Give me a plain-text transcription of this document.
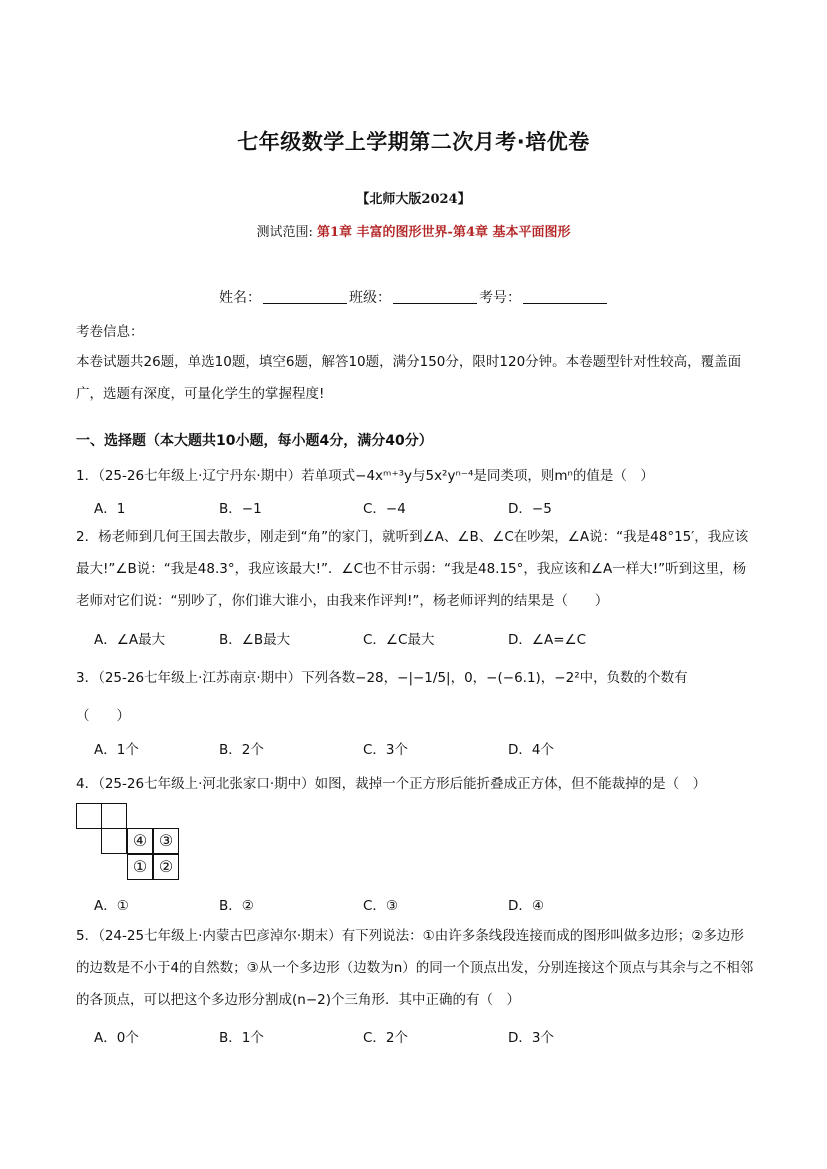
七年级数学上学期第二次月考·培优卷
【北师大版2024】
测试范围: 第1章 丰富的图形世界-第4章 基本平面图形
姓名：	班级：	考号：
考卷信息：
本卷试题共26题，单选10题，填空6题，解答10题，满分150分，限时120分钟。本卷题型针对性较高，覆盖面广，选题有深度，可量化学生的掌握程度!
一、选择题（本大题共10小题，每小题4分，满分40分）
1．（25-26七年级上·辽宁丹东·期中）若单项式−4xᵐ⁺³y与5x²yⁿ⁻⁴是同类项，则mⁿ的值是（　）
A．1	B．−1	C．−4	D．−5
2．杨老师到几何王国去散步，刚走到“角”的家门，就听到∠A、∠B、∠C在吵架，∠A说：“我是48°15′，我应该最大!”∠B说：“我是48.3°，我应该最大!”．∠C也不甘示弱：“我是48.15°，我应该和∠A一样大!”听到这里，杨老师对它们说：“别吵了，你们谁大谁小，由我来作评判!”，杨老师评判的结果是（　　）
A．∠A最大	B．∠B最大	C．∠C最大	D．∠A=∠C
3．（25-26七年级上·江苏南京·期中）下列各数−28，−|−1/5|，0，−(−6.1)，−2²中，负数的个数有
（　　）
A．1个	B．2个	C．3个	D．4个
4．（25-26七年级上·河北张家口·期中）如图，裁掉一个正方形后能折叠成正方体，但不能裁掉的是（　）
④ ③
① ②
A．①	B．②	C．③	D．④
5．（24-25七年级上·内蒙古巴彦淖尔·期末）有下列说法：①由许多条线段连接而成的图形叫做多边形；②多边形的边数是不小于4的自然数；③从一个多边形（边数为n）的同一个顶点出发，分别连接这个顶点与其余与之不相邻的各顶点，可以把这个多边形分割成(n−2)个三角形．其中正确的有（　）
A．0个	B．1个	C．2个	D．3个
